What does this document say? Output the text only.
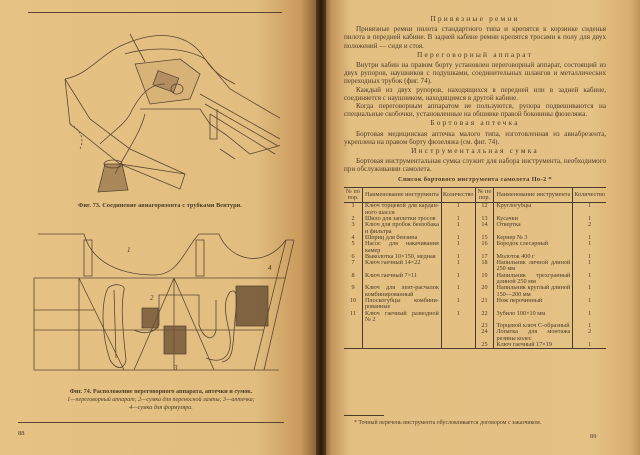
Фиг. 73. Соединение авиагоризонта с трубками Вентури.
1
2
3
4
Фиг. 74. Расположение переговорного аппарата, аптечки и сумок.
1—переговорный аппарат; 2—сумка для переносной лампы; 3—аптечка;
4—сумка для формуляра.
88
Привязные ремни

Привязные ремни пилота стандартного типа и крепятся к корзинке сиденья пилота в передней кабине. В задней кабине ремни крепятся тросами к полу для двух положений — сидя и стоя.

Переговорный аппарат

Внутри кабин на правом борту установлен переговорный аппарат, состоящий из двух рупоров, наушников с подушками, соединительных шлангов и металлических переходных трубок (фиг. 74).

Каждый из двух рупоров, находящихся в передней или в задней кабине, соединяется с наушником, находящимся в другой кабине.

Когда переговорным аппаратом не пользуются, рупора подвешиваются на специальные скобочки, установленные на обшивке правой боковины фюзеляжа.

Бортовая аптечка

Бортовая медицинская аптечка малого типа, изготовленная из авиабрезента, укреплена на правом борту фюзеляжа (см. фиг. 74).

Инструментальная сумка

Бортовая инструментальная сумка служит для набора инструмента, необходимого при обслуживании самолета.

Список бортового инструмента самолета По-2 *
№ по пор.	Наименование инструмента	Количество	№ по пор.	Наименование инструмента	Количество
1	Ключ торцевой для карданного шасси	1	12	Круглогубцы	1
2	Шило для заплетки тросов	1	13	Кусачки	1
3	Ключ для пробок бензобака и фильтра	1	14	Отвертка	2
4	Шприц для бензина	1	15	Кернер № 3	1
5	Насос для накачивания камер	1	16	Бородок слесарный	1
6	Выколотка 10×150, медная	1	17	Молоток 400 г	1
7	Ключ гаечный 14×22	1	18	Напильник личной длиной 250 мм	1
8	Ключ гаечный 7×11	1	19	Напильник трехгранный длиной 250 мм	1
9	Ключ для лент-расчалок комбинированный	1	20	Напильник круглый длиной 150—200 мм	1
10	Плоскогубцы комбинированные	1	21	Нож перочинный	1
11	Ключ гаечный разводной № 2	1	22	Зубило 100×10 мм	1
			23	Торцевой ключ С-образный	1
			24	Лопатка для монтажа резины колес	2
			25	Ключ гаечный 17×19	1
* Точный перечень инструмента обусловливается договором с заказчиком.
89
